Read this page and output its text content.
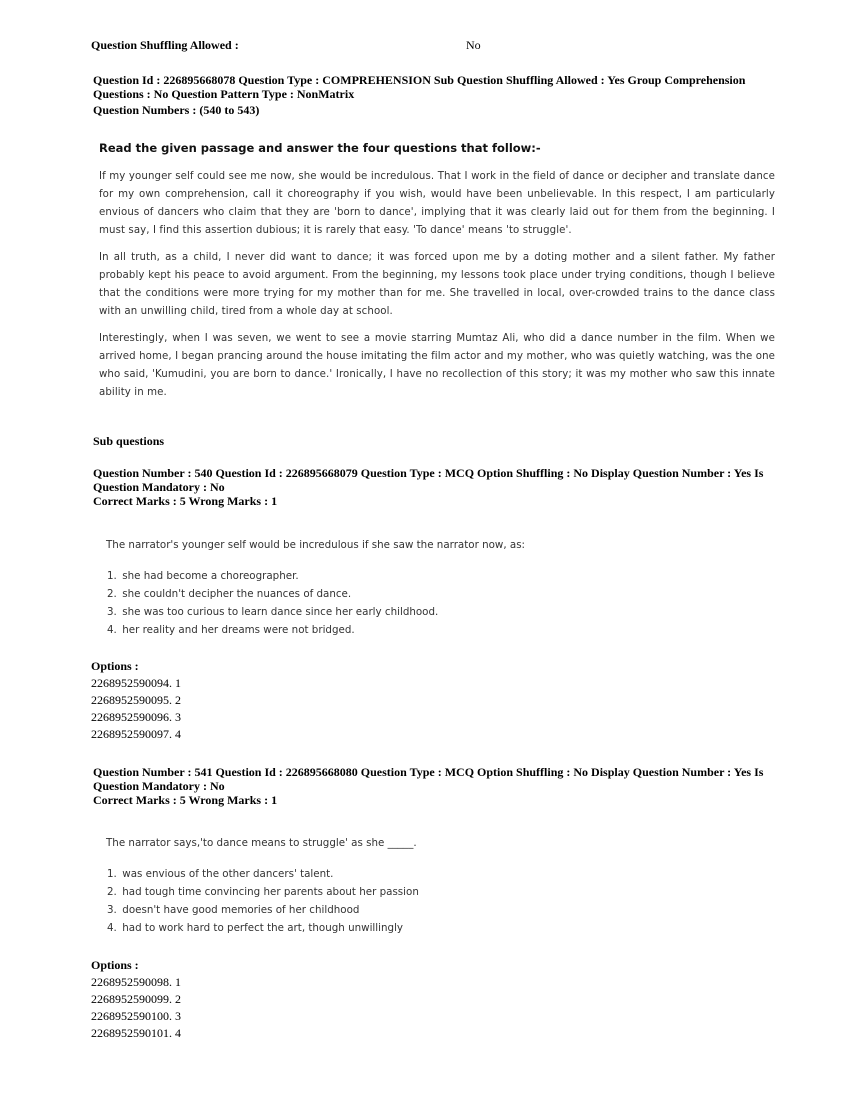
Question Shuffling Allowed :	No
Question Id : 226895668078 Question Type : COMPREHENSION Sub Question Shuffling Allowed : Yes Group Comprehension
Questions : No Question Pattern Type : NonMatrix
Question Numbers : (540 to 543)
Read the given passage and answer the four questions that follow:-

If my younger self could see me now, she would be incredulous. That I work in the field of dance or decipher and translate dance for my own comprehension, call it choreography if you wish, would have been unbelievable. In this respect, I am particularly envious of dancers who claim that they are 'born to dance', implying that it was clearly laid out for them from the beginning. I must say, I find this assertion dubious; it is rarely that easy. 'To dance' means 'to struggle'.

In all truth, as a child, I never did want to dance; it was forced upon me by a doting mother and a silent father. My father probably kept his peace to avoid argument. From the beginning, my lessons took place under trying conditions, though I believe that the conditions were more trying for my mother than for me. She travelled in local, over-crowded trains to the dance class with an unwilling child, tired from a whole day at school.

Interestingly, when I was seven, we went to see a movie starring Mumtaz Ali, who did a dance number in the film. When we arrived home, I began prancing around the house imitating the film actor and my mother, who was quietly watching, was the one who said, 'Kumudini, you are born to dance.' Ironically, I have no recollection of this story; it was my mother who saw this innate ability in me.

Sub questions
Question Number : 540 Question Id : 226895668079 Question Type : MCQ Option Shuffling : No Display Question Number : Yes Is
Question Mandatory : No
Correct Marks : 5 Wrong Marks : 1
The narrator's younger self would be incredulous if she saw the narrator now, as:
1. she had become a choreographer.
2. she couldn't decipher the nuances of dance.
3. she was too curious to learn dance since her early childhood.
4. her reality and her dreams were not bridged.
Options :
2268952590094. 1
2268952590095. 2
2268952590096. 3
2268952590097. 4
Question Number : 541 Question Id : 226895668080 Question Type : MCQ Option Shuffling : No Display Question Number : Yes Is
Question Mandatory : No
Correct Marks : 5 Wrong Marks : 1
The narrator says,'to dance means to struggle' as she _____.
1. was envious of the other dancers' talent.
2. had tough time convincing her parents about her passion
3. doesn't have good memories of her childhood
4. had to work hard to perfect the art, though unwillingly
Options :
2268952590098. 1
2268952590099. 2
2268952590100. 3
2268952590101. 4
